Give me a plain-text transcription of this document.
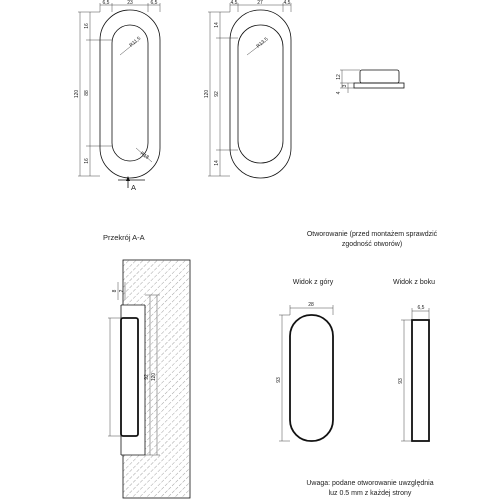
6,5	23	6,5
16
88
16
120
R11,5
R18
A
4,5	27	4,5
14
92
14
120
R13,5
12
3
4
Przekrój A-A
8 2
92 120
Otworowanie (przed montażem sprawdzić
zgodność otworów)
Widok z góry
28
93
Widok z boku
6,5
93
Uwaga: podane otworowanie uwzględnia
luz 0.5 mm z każdej strony
